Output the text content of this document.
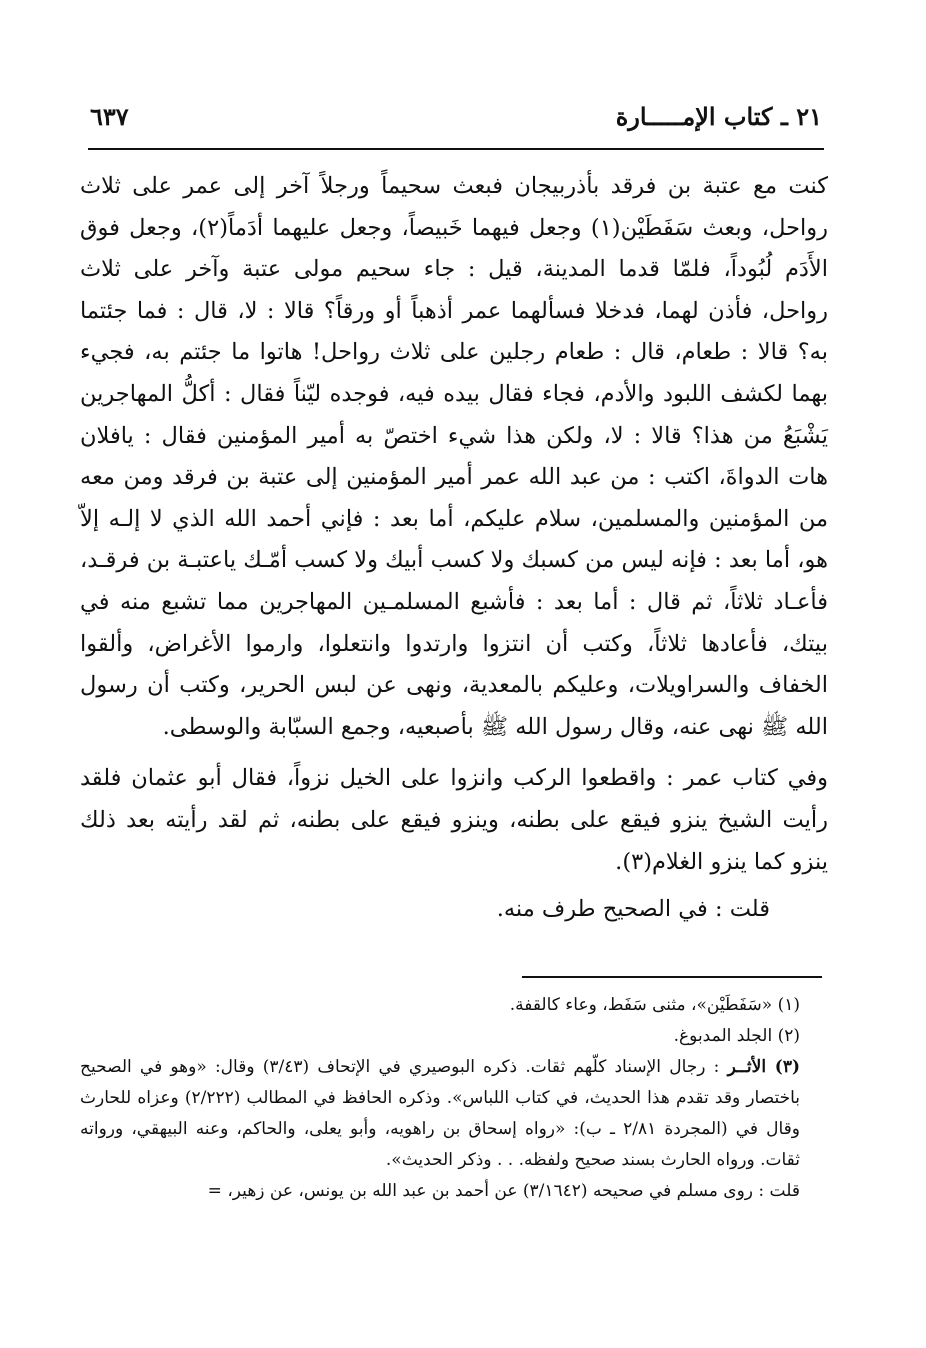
٢١ ـ كتاب الإمـــــارة
٦٣٧

كنت مع عتبة بن فرقد بأذربيجان فبعث سحيماً ورجلاً آخر إلى عمر على ثلاث رواحل، وبعث سَفَطَيْن(١) وجعل فيهما خَبيصاً، وجعل عليهما أدَماً(٢)، وجعل فوق الأَدَم لُبُوداً، فلمّا قدما المدينة، قيل : جاء سحيم مولى عتبة وآخر على ثلاث رواحل، فأذن لهما، فدخلا فسألهما عمر أذهباً أو ورقاً؟ قالا : لا، قال : فما جئتما به؟ قالا : طعام، قال : طعام رجلين على ثلاث رواحل! هاتوا ما جئتم به، فجيء بهما لكشف اللبود والأدم، فجاء فقال بيده فيه، فوجده ليّناً فقال : أكلُّ المهاجرين يَشْبَعُ من هذا؟ قالا : لا، ولكن هذا شيء اختصّ به أمير المؤمنين فقال : يافلان هات الدواةَ، اكتب : من عبد الله عمر أمير المؤمنين إلى عتبة بن فرقد ومن معه من المؤمنين والمسلمين، سلام عليكم، أما بعد : فإني أحمد الله الذي لا إلـه إلاّ هو، أما بعد : فإنه ليس من كسبك ولا كسب أبيك ولا كسب أمّـك ياعتبـة بن فرقـد، فأعـاد ثلاثاً، ثم قال : أما بعد : فأشبع المسلمـين المهاجرين مما تشبع منه في بيتك، فأعادها ثلاثاً، وكتب أن انتزوا وارتدوا وانتعلوا، وارموا الأغراض، وألقوا الخفاف والسراويلات، وعليكم بالمعدية، ونهى عن لبس الحرير، وكتب أن رسول الله ﷺ نهى عنه، وقال رسول الله ﷺ بأصبعيه، وجمع السبّابة والوسطى.

وفي كتاب عمر : واقطعوا الركب وانزوا على الخيل نزواً، فقال أبو عثمان فلقد رأيت الشيخ ينزو فيقع على بطنه، وينزو فيقع على بطنه، ثم لقد رأيته بعد ذلك ينزو كما ينزو الغلام(٣).

قلت : في الصحيح طرف منه.

(١) «سَفَطَيْن»، مثنى سَفَط، وعاء كالقفة.

(٢) الجلد المدبوغ.

(٣) الأثــر : رجال الإسناد كلّهم ثقات. ذكره البوصيري في الإتحاف (٣/٤٣) وقال: «وهو في الصحيح باختصار وقد تقدم هذا الحديث، في كتاب اللباس». وذكره الحافظ في المطالب (٢/٢٢٢) وعزاه للحارث وقال في (المجردة ٢/٨١ ـ ب): «رواه إسحاق بن راهويه، وأبو يعلى، والحاكم، وعنه البيهقي، ورواته ثقات. ورواه الحارث بسند صحيح ولفظه. . . وذكر الحديث».

قلت : روى مسلم في صحيحه (٣/١٦٤٢) عن أحمد بن عبد الله بن يونس، عن زهير، =
